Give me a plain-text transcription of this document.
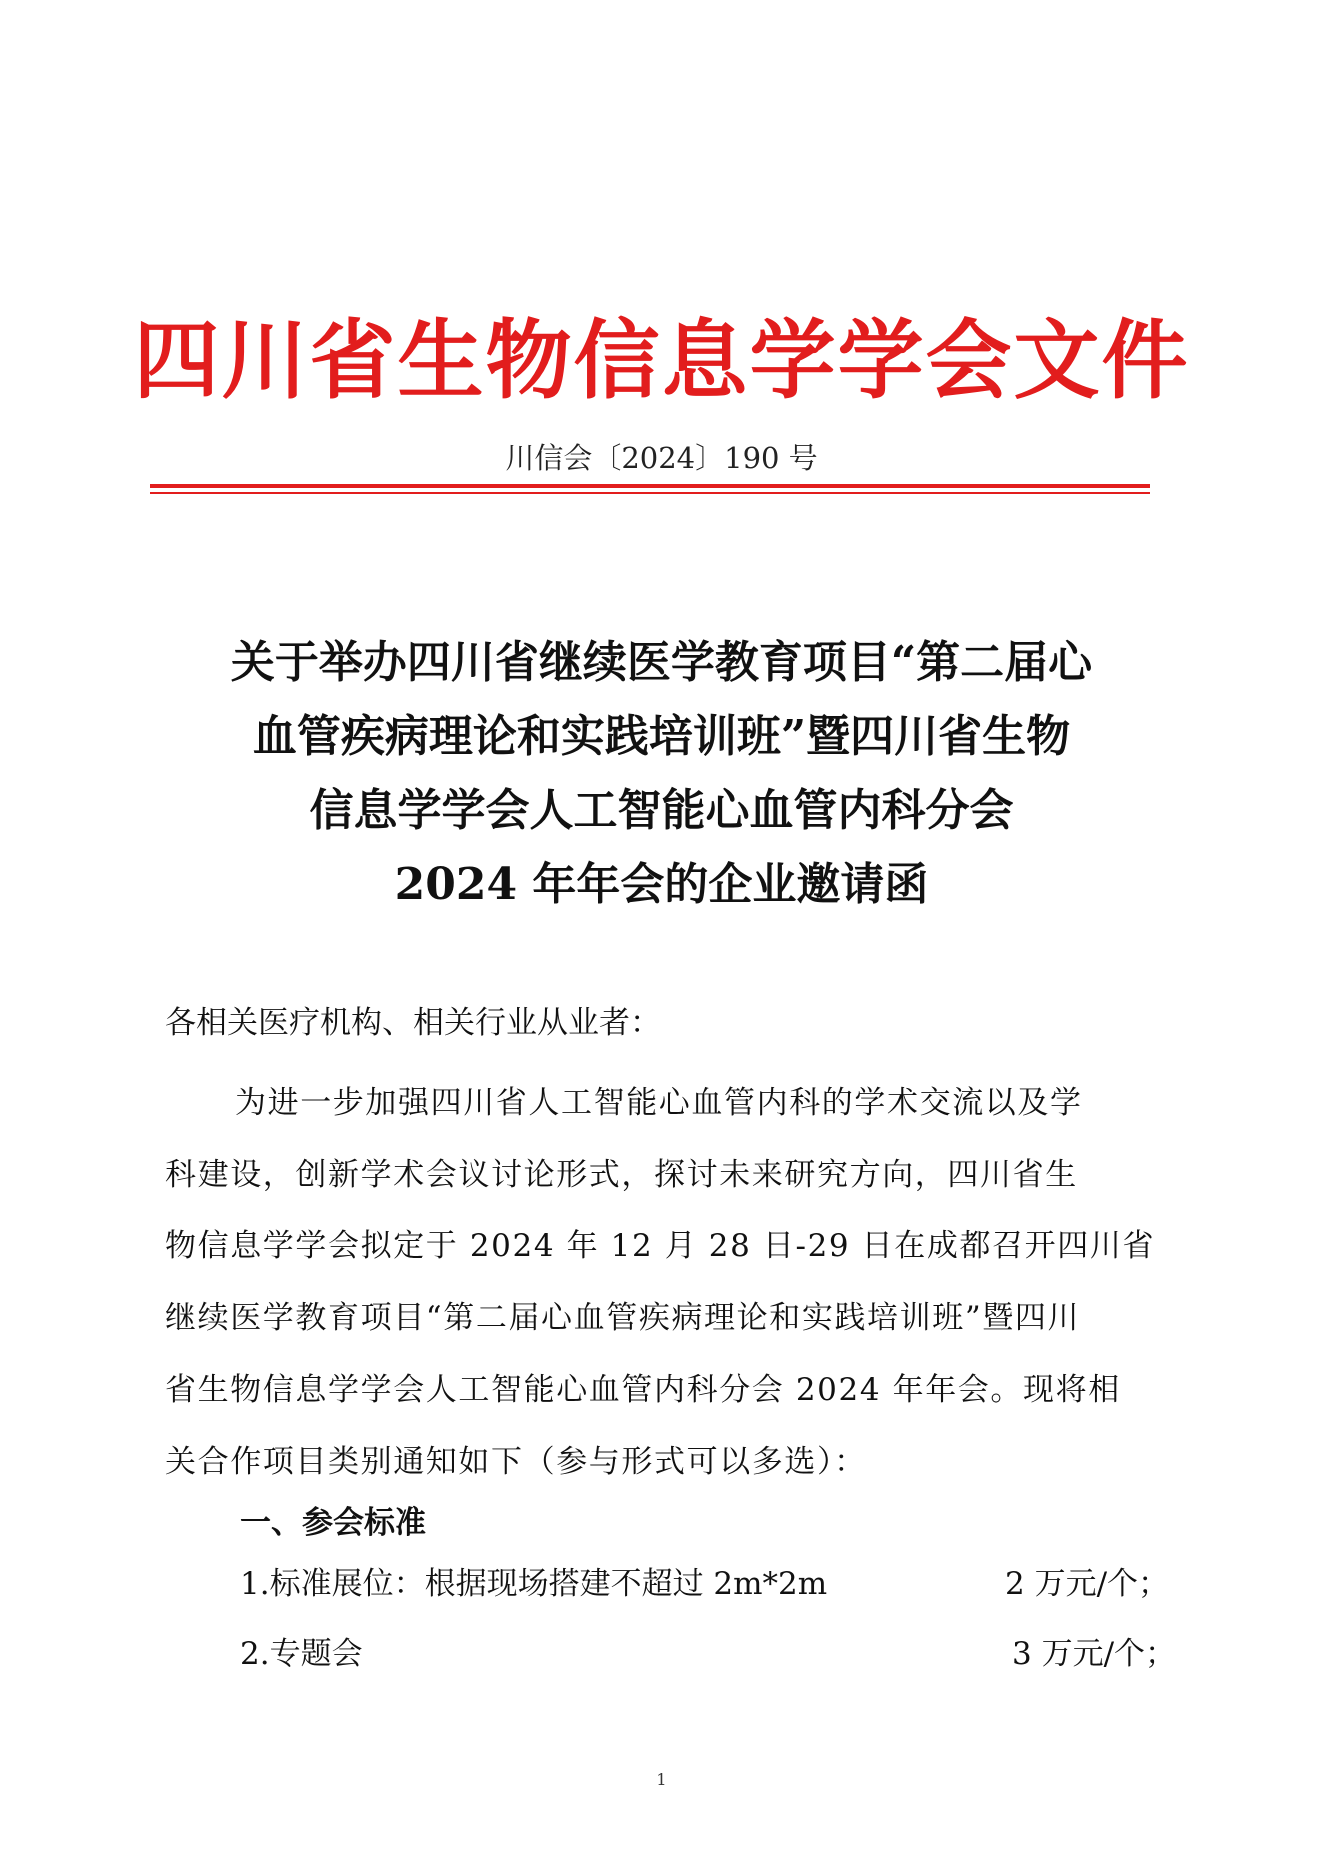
四川省生物信息学学会文件
川信会〔2024〕190 号
关于举办四川省继续医学教育项目“第二届心
血管疾病理论和实践培训班”暨四川省生物
信息学学会人工智能心血管内科分会
2024 年年会的企业邀请函
各相关医疗机构、相关行业从业者：
为进一步加强四川省人工智能心血管内科的学术交流以及学
科建设，创新学术会议讨论形式，探讨未来研究方向，四川省生
物信息学学会拟定于 2024 年 12 月 28 日-29 日在成都召开四川省
继续医学教育项目“第二届心血管疾病理论和实践培训班”暨四川
省生物信息学学会人工智能心血管内科分会 2024 年年会。现将相
关合作项目类别通知如下（参与形式可以多选）：
一、参会标准
1.标准展位：根据现场搭建不超过 2m*2m	2 万元/个；
2.专题会	3 万元/个；
1
